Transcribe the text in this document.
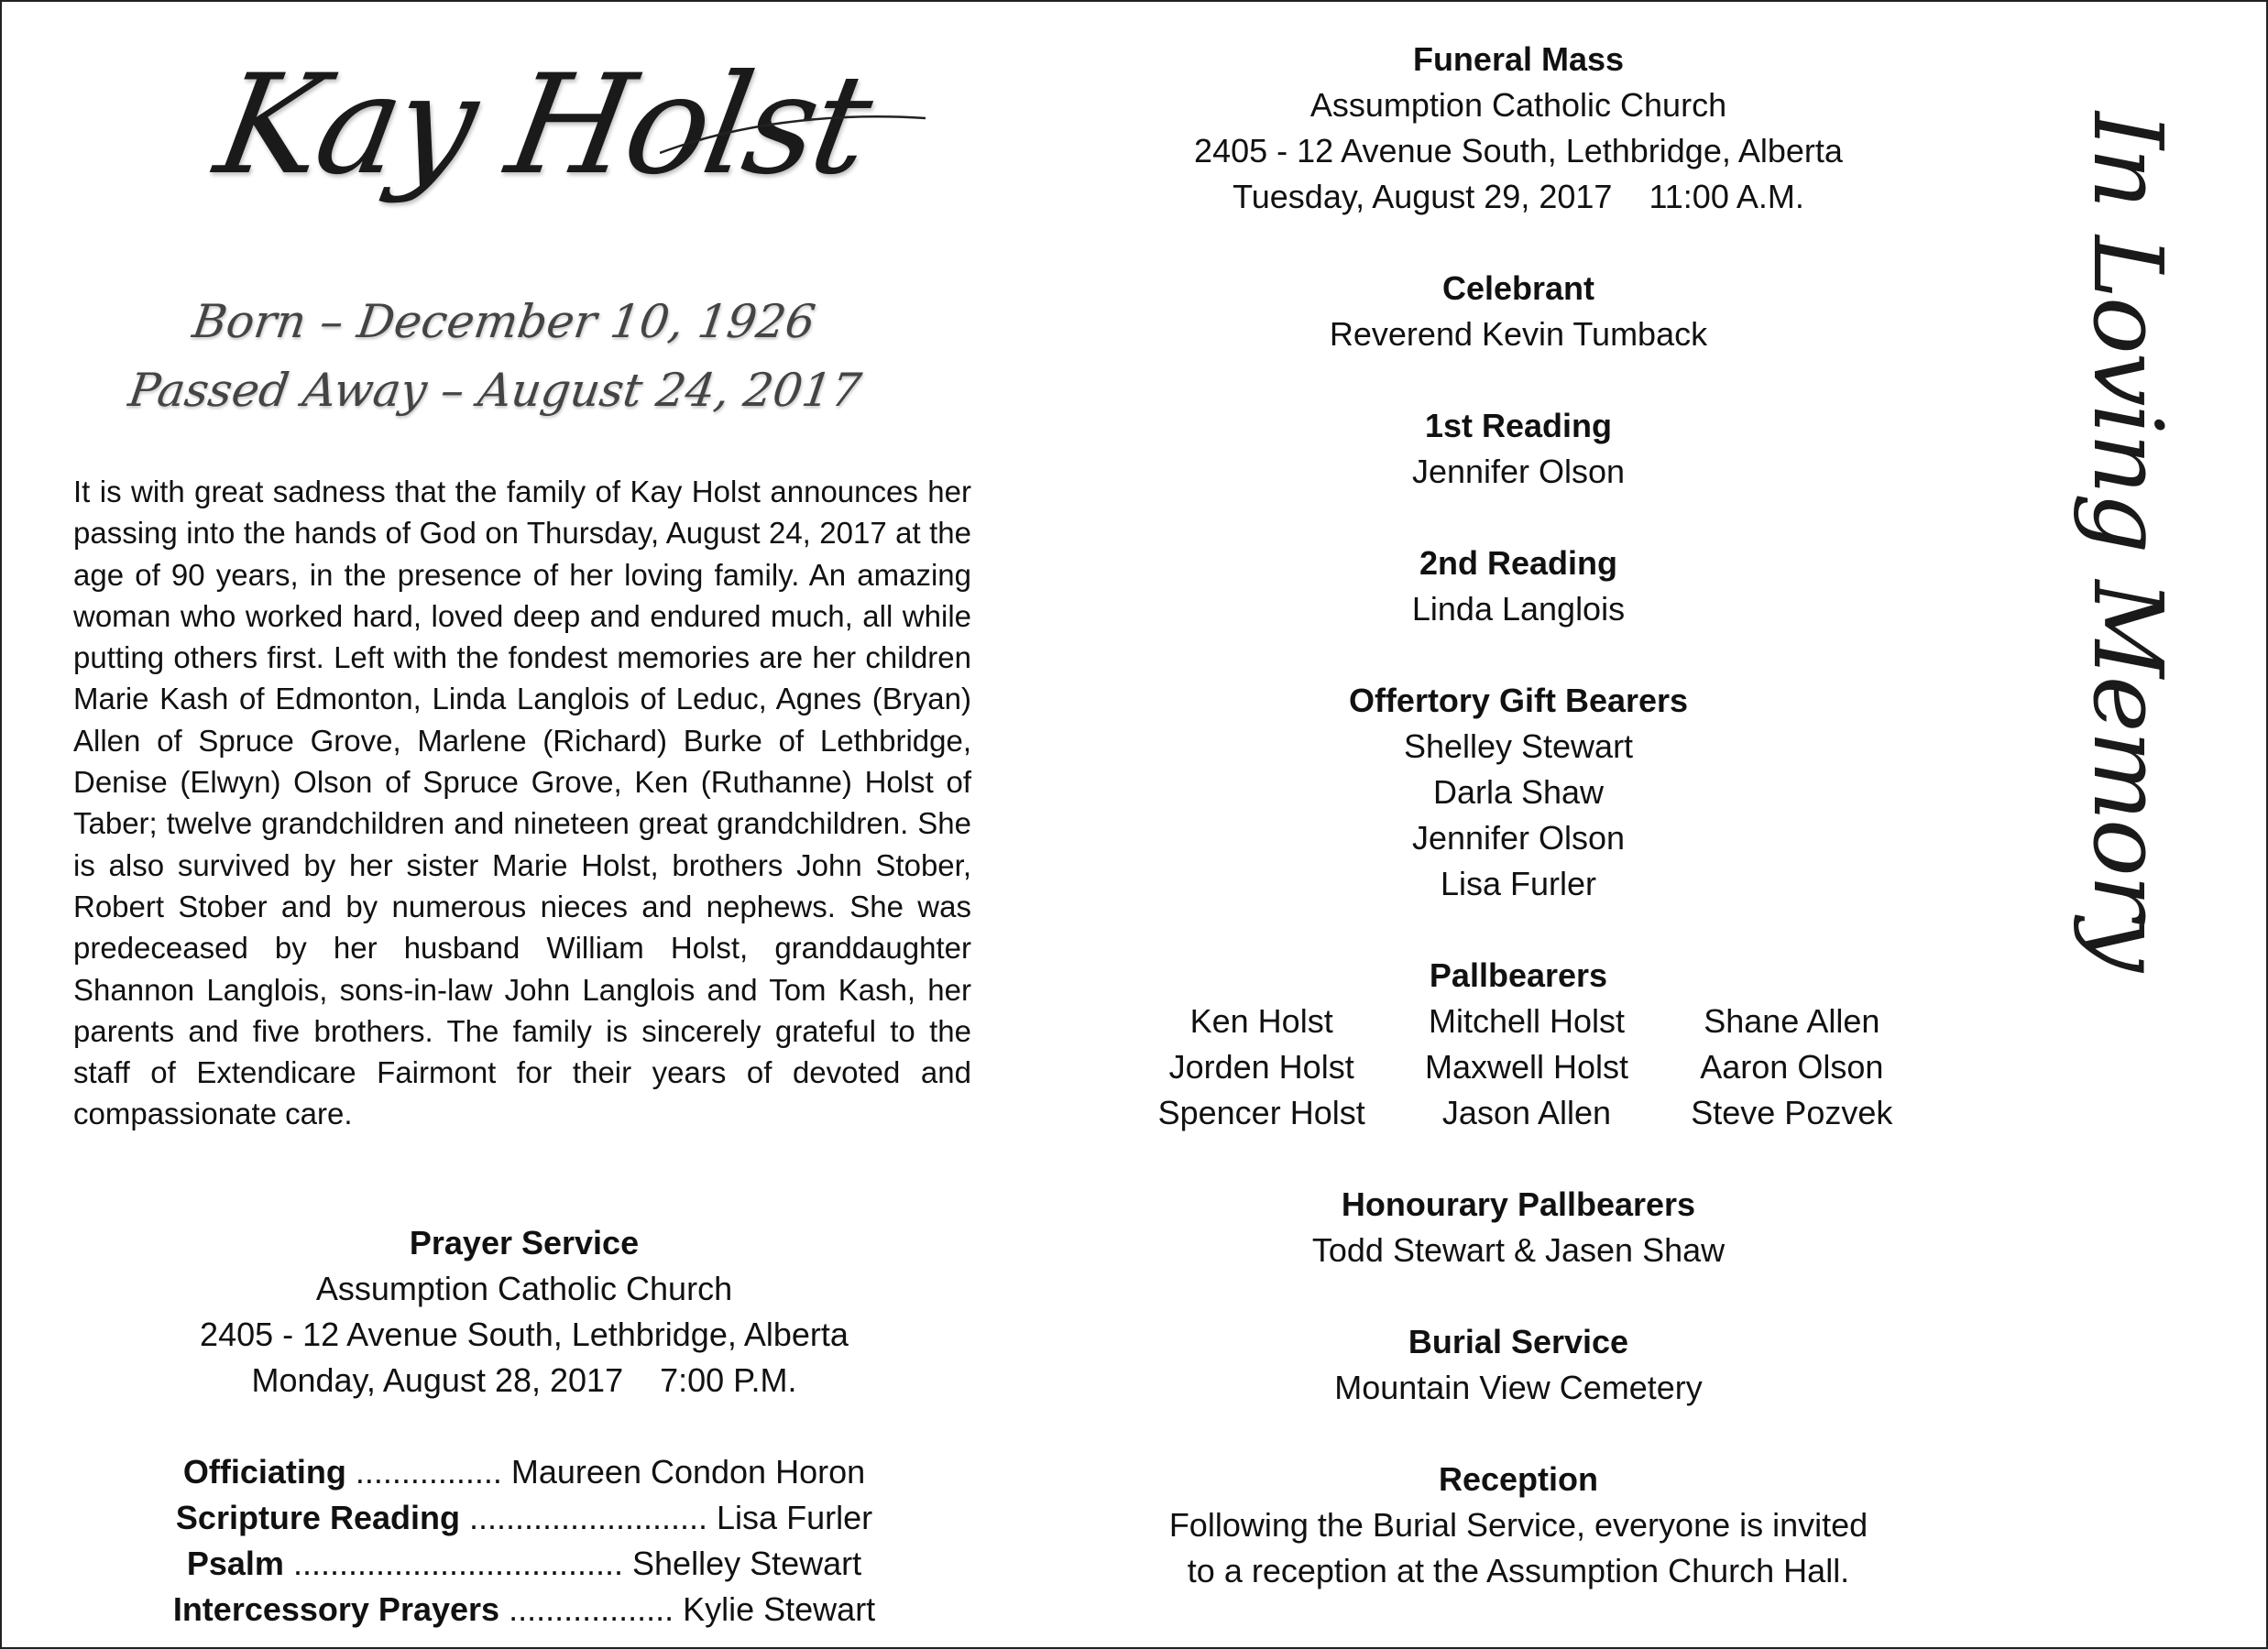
Kay Holst
Born – December 10, 1926
Passed Away – August 24, 2017
It is with great sadness that the family of Kay Holst announces her passing into the hands of God on Thursday, August 24, 2017 at the age of 90 years, in the presence of her loving family. An amazing woman who worked hard, loved deep and endured much, all while putting others first. Left with the fondest memories are her children Marie Kash of Edmonton, Linda Langlois of Leduc, Agnes (Bryan) Allen of Spruce Grove, Marlene (Richard) Burke of Lethbridge, Denise (Elwyn) Olson of Spruce Grove, Ken (Ruthanne) Holst of Taber; twelve grandchildren and nineteen great grandchildren. She is also survived by her sister Marie Holst, brothers John Stober, Robert Stober and by numerous nieces and nephews. She was predeceased by her husband William Holst, granddaughter Shannon Langlois, sons-in-law John Langlois and Tom Kash, her parents and five brothers. The family is sincerely grateful to the staff of Extendicare Fairmont for their years of devoted and compassionate care.
Prayer Service
Assumption Catholic Church
2405 - 12 Avenue South, Lethbridge, Alberta
Monday, August 28, 2017 7:00 P.M.
Officiating ................ Maureen Condon Horon
Scripture Reading .......................... Lisa Furler
Psalm .................................... Shelley Stewart
Intercessory Prayers .................. Kylie Stewart
Funeral Mass
Assumption Catholic Church
2405 - 12 Avenue South, Lethbridge, Alberta
Tuesday, August 29, 2017 11:00 A.M.
Celebrant
Reverend Kevin Tumback
1st Reading
Jennifer Olson
2nd Reading
Linda Langlois
Offertory Gift Bearers
Shelley Stewart
Darla Shaw
Jennifer Olson
Lisa Furler
Pallbearers
Ken Holst
Jorden Holst
Spencer Holst
Mitchell Holst
Maxwell Holst
Jason Allen
Shane Allen
Aaron Olson
Steve Pozvek
Honourary Pallbearers
Todd Stewart & Jasen Shaw
Burial Service
Mountain View Cemetery
Reception
Following the Burial Service, everyone is invited
to a reception at the Assumption Church Hall.
In Loving Memory
